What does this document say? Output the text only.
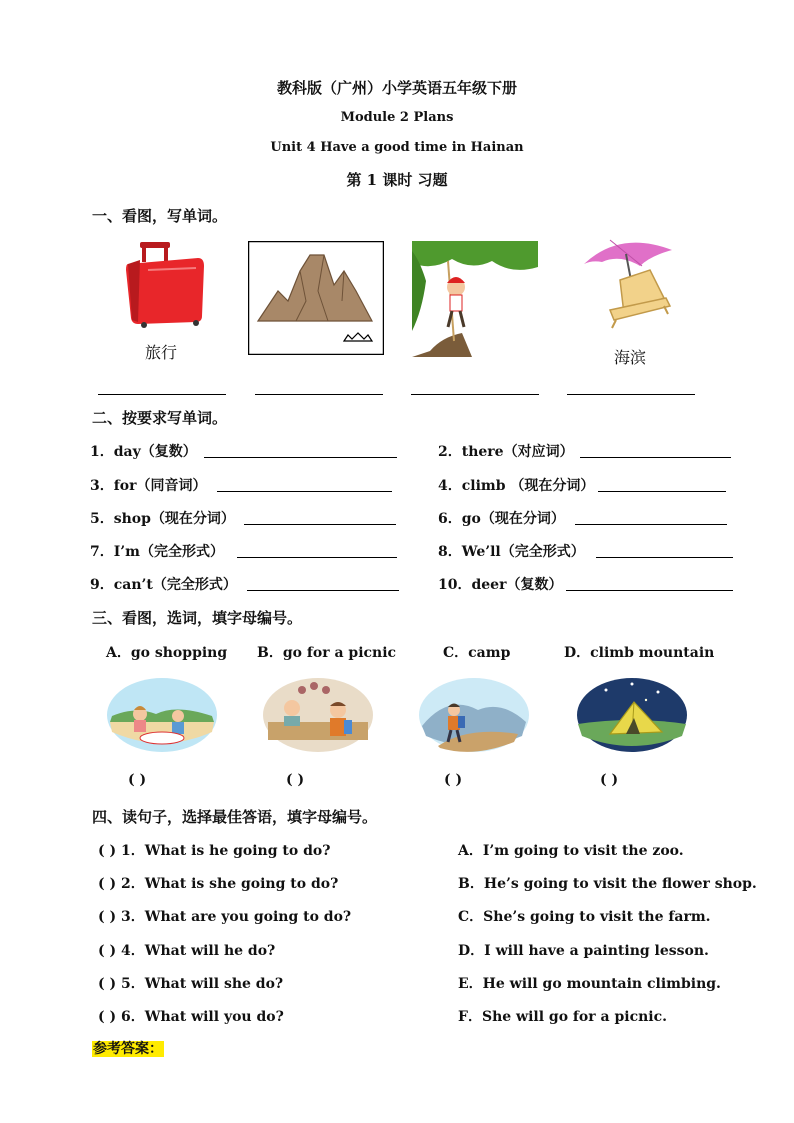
教科版（广州）小学英语五年级下册
Module 2 Plans
Unit 4 Have a good time in Hainan
第 1 课时 习题
一、看图，写单词。
旅行	海滨
二、按要求写单词。
1．day（复数）	2．there（对应词）
3．for（同音词）	4．climb （现在分词）
5．shop（现在分词）	6．go（现在分词）
7．I’m（完全形式）	8．We’ll（完全形式）
9．can’t（完全形式）	10．deer（复数）
三、看图，选词，填字母编号。
A．go shopping B．go for a picnic	C．camp	D．climb mountain
( )	( )	( )	( )
四、读句子，选择最佳答语，填字母编号。
( ) 1．What is he going to do?	A．I’m going to visit the zoo.
( ) 2．What is she going to do?	B．He’s going to visit the flower shop.
( ) 3．What are you going to do?	C．She’s going to visit the farm.
( ) 4．What will he do?	D．I will have a painting lesson.
( ) 5．What will she do?	E．He will go mountain climbing.
( ) 6．What will you do?	F．She will go for a picnic.
参考答案：
